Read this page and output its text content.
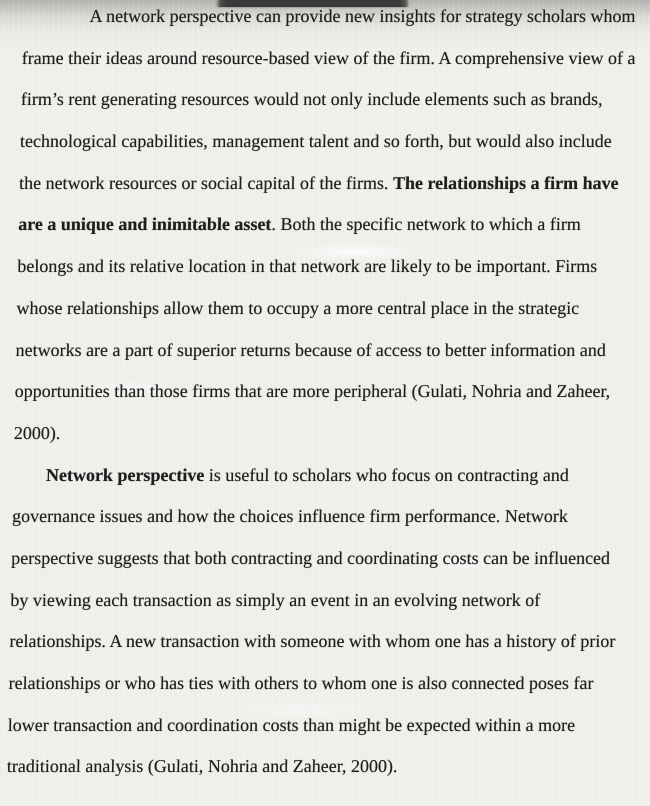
A network perspective can provide new insights for strategy scholars whom
frame their ideas around resource-based view of the firm. A comprehensive view of a
firm’s rent generating resources would not only include elements such as brands,
technological capabilities, management talent and so forth, but would also include
the network resources or social capital of the firms. The relationships a firm have
are a unique and inimitable asset. Both the specific network to which a firm
belongs and its relative location in that network are likely to be important. Firms
whose relationships allow them to occupy a more central place in the strategic
networks are a part of superior returns because of access to better information and
opportunities than those firms that are more peripheral (Gulati, Nohria and Zaheer,
2000).
Network perspective is useful to scholars who focus on contracting and
governance issues and how the choices influence firm performance. Network
perspective suggests that both contracting and coordinating costs can be influenced
by viewing each transaction as simply an event in an evolving network of
relationships. A new transaction with someone with whom one has a history of prior
relationships or who has ties with others to whom one is also connected poses far
lower transaction and coordination costs than might be expected within a more
traditional analysis (Gulati, Nohria and Zaheer, 2000).
